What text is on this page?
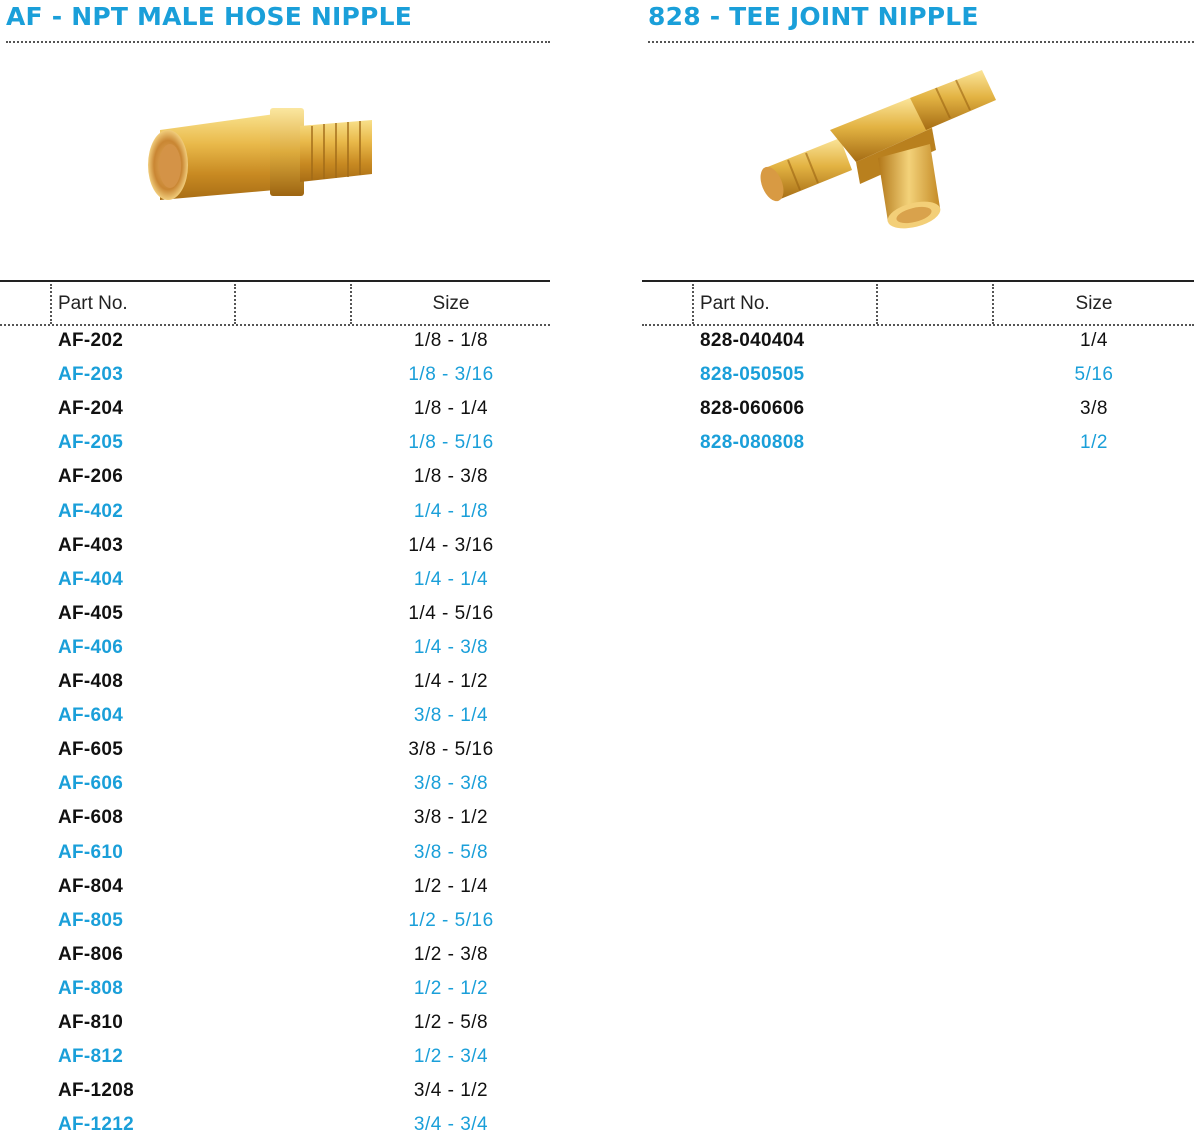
AF - NPT MALE HOSE NIPPLE
Part No.	Size
AF-202	1/8 - 1/8
AF-203	1/8 - 3/16
AF-204	1/8 - 1/4
AF-205	1/8 - 5/16
AF-206	1/8 - 3/8
AF-402	1/4 - 1/8
AF-403	1/4 - 3/16
AF-404	1/4 - 1/4
AF-405	1/4 - 5/16
AF-406	1/4 - 3/8
AF-408	1/4 - 1/2
AF-604	3/8 - 1/4
AF-605	3/8 - 5/16
AF-606	3/8 - 3/8
AF-608	3/8 - 1/2
AF-610	3/8 - 5/8
AF-804	1/2 - 1/4
AF-805	1/2 - 5/16
AF-806	1/2 - 3/8
AF-808	1/2 - 1/2
AF-810	1/2 - 5/8
AF-812	1/2 - 3/4
AF-1208	3/4 - 1/2
AF-1212	3/4 - 3/4
828 - TEE JOINT NIPPLE
Part No.	Size
828-040404	1/4
828-050505	5/16
828-060606	3/8
828-080808	1/2
